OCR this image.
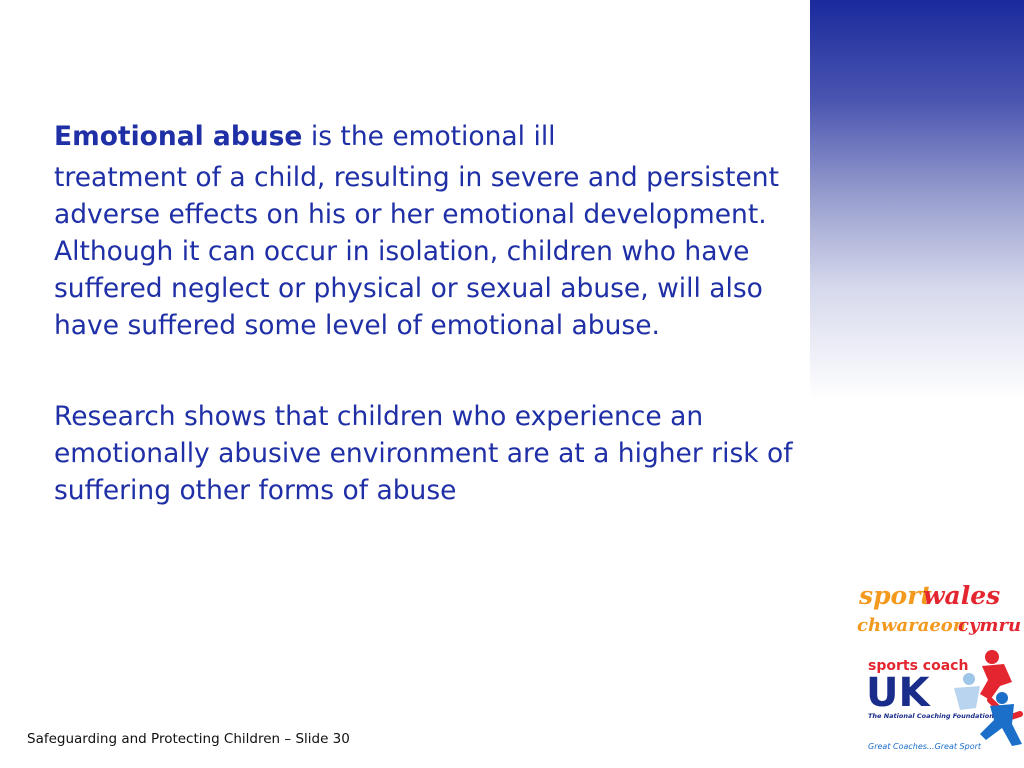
Emotional abuse is the emotional ill

treatment of a child, resulting in severe and persistent adverse effects on his or her emotional development. Although it can occur in isolation, children who have suffered neglect or physical or sexual abuse, will also have suffered some level of emotional abuse.

Research shows that children who experience an emotionally abusive environment are at a higher risk of suffering other forms of abuse

sport
wales
chwaraeon
cymru
sports coach
UK
The National Coaching Foundation
Great Coaches...Great Sport
Safeguarding and Protecting Children – Slide 30
